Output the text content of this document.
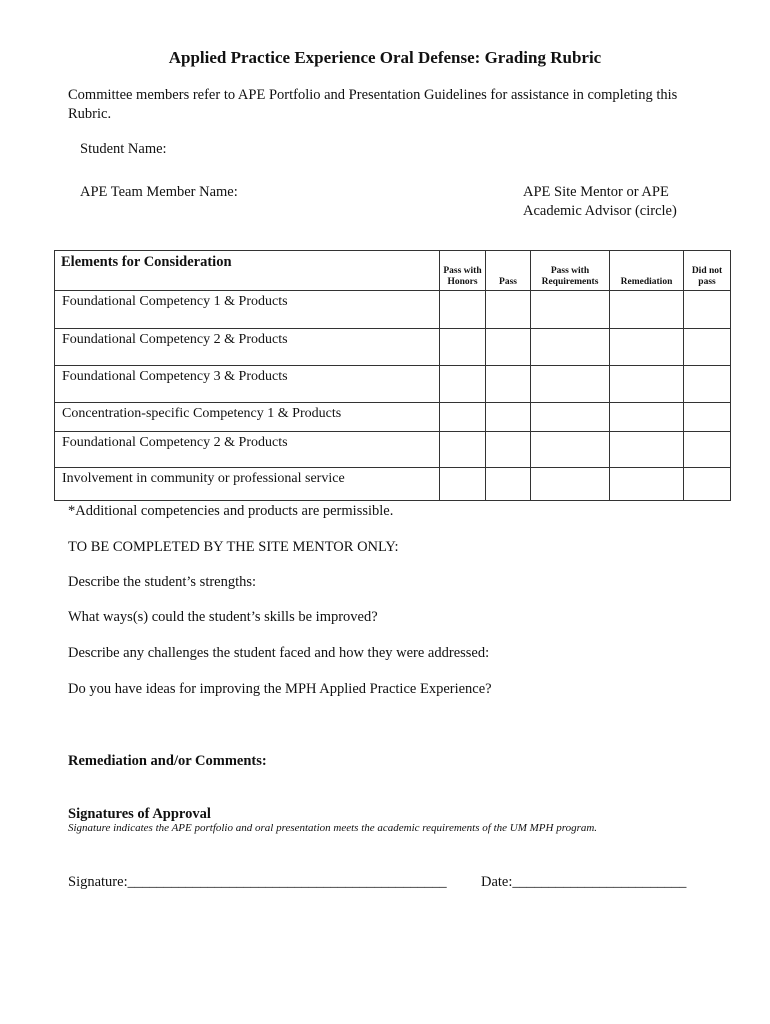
Applied Practice Experience Oral Defense: Grading Rubric
Committee members refer to APE Portfolio and Presentation Guidelines for assistance in completing this Rubric.
Student Name:
APE Team Member Name:	APE Site Mentor or APE Academic Advisor (circle)
Elements for Consideration	Pass with Honors	Pass	Pass with Requirements	Remediation	Did not pass
Foundational Competency 1 & Products					
Foundational Competency 2 & Products					
Foundational Competency 3 & Products					
Concentration-specific Competency 1 & Products					
Foundational Competency 2 & Products					
Involvement in community or professional service					
*Additional competencies and products are permissible.
TO BE COMPLETED BY THE SITE MENTOR ONLY:
Describe the student’s strengths:
What ways(s) could the student’s skills be improved?
Describe any challenges the student faced and how they were addressed:
Do you have ideas for improving the MPH Applied Practice Experience?
Remediation and/or Comments:
Signatures of Approval
Signature indicates the APE portfolio and oral presentation meets the academic requirements of the UM MPH program.
Signature:____________________________________________ Date:________________________
